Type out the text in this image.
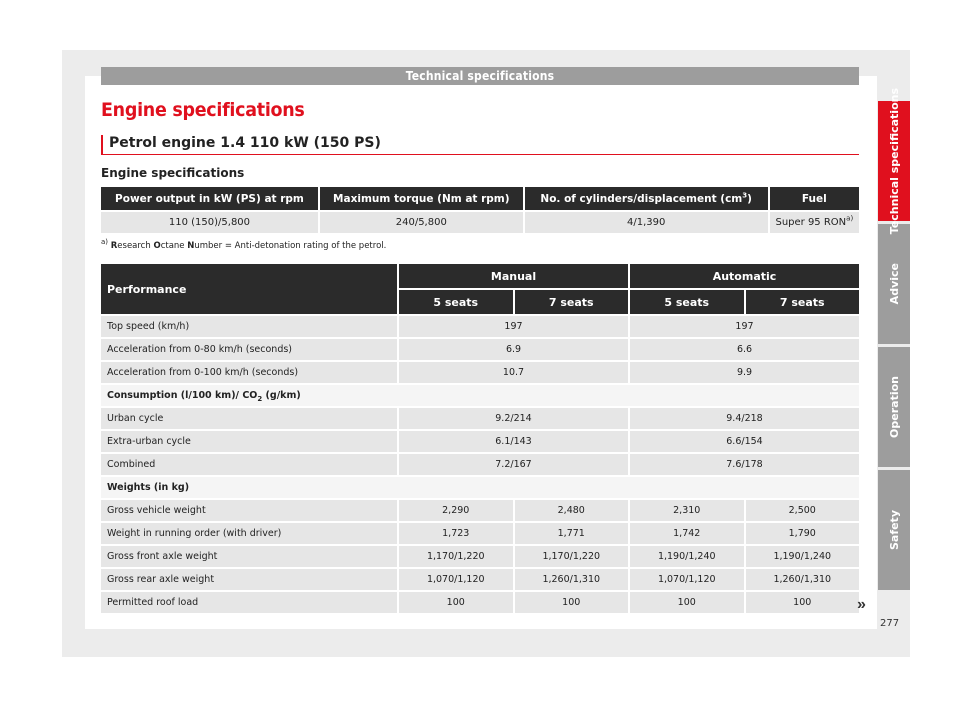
Technical specifications
Engine specifications
Petrol engine 1.4 110 kW (150 PS)
Engine specifications
Power output in kW (PS) at rpm	Maximum torque (Nm at rpm)	No. of cylinders/displacement $(cm^3)$	Fuel
110 (150)/5,800	240/5,800	4/1,390	Super 95 RON$^{a)}$
$^{a)}$ Research Octane Number = Anti-detonation rating of the petrol.
Performance	Manual		Automatic	
	5 seats	7 seats	5 seats	7 seats
Top speed (km/h)	197		197	
Acceleration from 0-80 km/h (seconds)	6.9		6.6	
Acceleration from 0-100 km/h (seconds)	10.7		9.9	
Consumption (l/100 km)/ $CO_2$ (g/km)				
Urban cycle	9.2/214		9.4/218	
Extra-urban cycle	6.1/143		6.6/154	
Combined	7.2/167		7.6/178	
Weights (in kg)				
Gross vehicle weight	2,290	2,480	2,310	2,500
Weight in running order (with driver)	1,723	1,771	1,742	1,790
Gross front axle weight	1,170/1,220	1,170/1,220	1,190/1,240	1,190/1,240
Gross rear axle weight	1,070/1,120	1,260/1,310	1,070/1,120	1,260/1,310
Permitted roof load	100	100	100	100
Technical specifications
Advice
Operation
Safety
»
277
